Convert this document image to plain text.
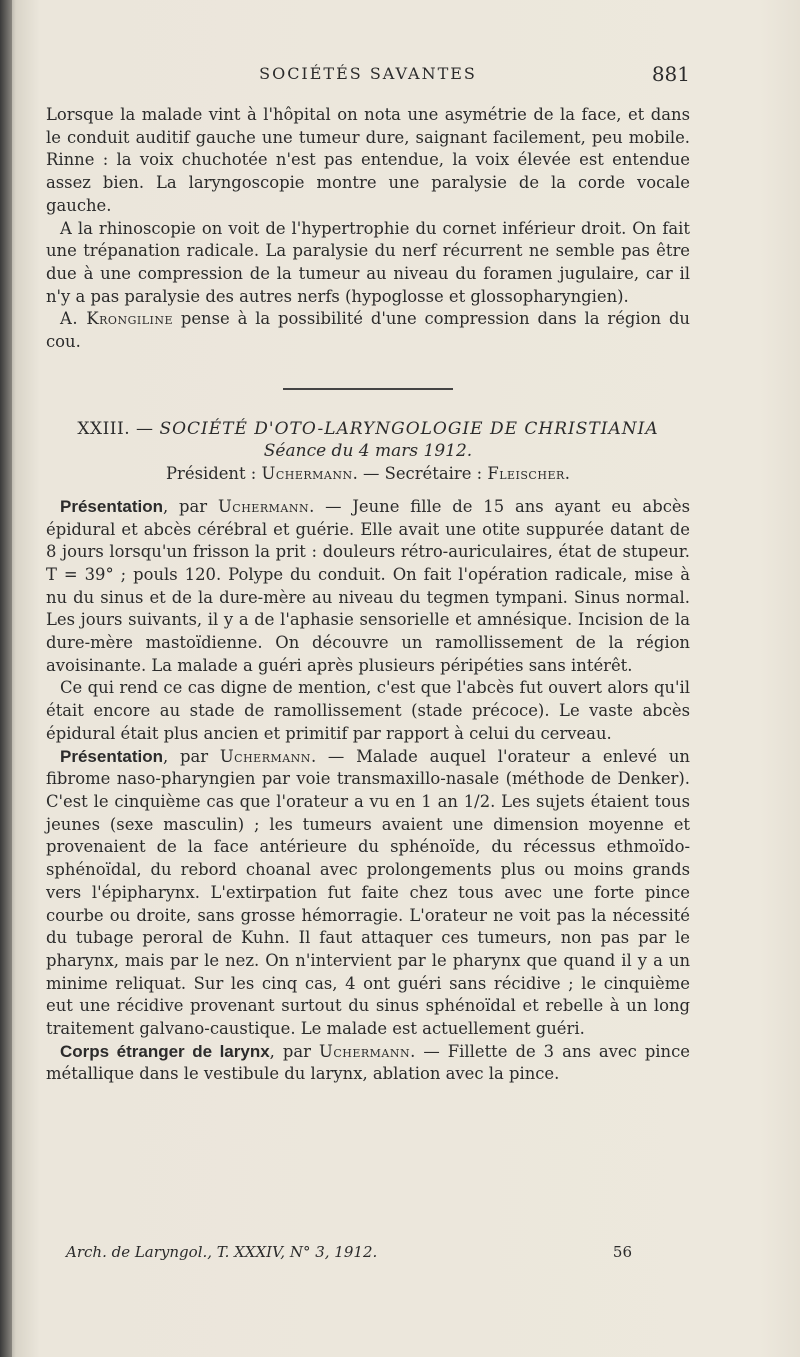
SOCIÉTÉS SAVANTES	881

Lorsque la malade vint à l'hôpital on nota une asymétrie de la face, et dans le conduit auditif gauche une tumeur dure, saignant facilement, peu mobile. Rinne : la voix chuchotée n'est pas entendue, la voix élevée est entendue assez bien. La laryngoscopie montre une paralysie de la corde vocale gauche.

A la rhinoscopie on voit de l'hypertrophie du cornet inférieur droit. On fait une trépanation radicale. La paralysie du nerf récurrent ne semble pas être due à une compression de la tumeur au niveau du foramen jugulaire, car il n'y a pas paralysie des autres nerfs (hypoglosse et glossopharyngien).

A. Krongiline pense à la possibilité d'une compression dans la région du cou.

XXIII. — SOCIÉTÉ D'OTO-LARYNGOLOGIE DE CHRISTIANIA
Séance du 4 mars 1912.
Président : Uchermann. — Secrétaire : Fleischer.

Présentation, par Uchermann. — Jeune fille de 15 ans ayant eu abcès épidural et abcès cérébral et guérie. Elle avait une otite suppurée datant de 8 jours lorsqu'un frisson la prit : douleurs rétro-auriculaires, état de stupeur. T = 39° ; pouls 120. Polype du conduit. On fait l'opération radicale, mise à nu du sinus et de la dure-mère au niveau du tegmen tympani. Sinus normal. Les jours suivants, il y a de l'aphasie sensorielle et amnésique. Incision de la dure-mère mastoïdienne. On découvre un ramollissement de la région avoisinante. La malade a guéri après plusieurs péripéties sans intérêt.

Ce qui rend ce cas digne de mention, c'est que l'abcès fut ouvert alors qu'il était encore au stade de ramollissement (stade précoce). Le vaste abcès épidural était plus ancien et primitif par rapport à celui du cerveau.

Présentation, par Uchermann. — Malade auquel l'orateur a enlevé un fibrome naso-pharyngien par voie transmaxillo-nasale (méthode de Denker). C'est le cinquième cas que l'orateur a vu en 1 an 1/2. Les sujets étaient tous jeunes (sexe masculin) ; les tumeurs avaient une dimension moyenne et provenaient de la face antérieure du sphénoïde, du récessus ethmoïdo-sphénoïdal, du rebord choanal avec prolongements plus ou moins grands vers l'épipharynx. L'extirpation fut faite chez tous avec une forte pince courbe ou droite, sans grosse hémorragie. L'orateur ne voit pas la nécessité du tubage peroral de Kuhn. Il faut attaquer ces tumeurs, non pas par le pharynx, mais par le nez. On n'intervient par le pharynx que quand il y a un minime reliquat. Sur les cinq cas, 4 ont guéri sans récidive ; le cinquième eut une récidive provenant surtout du sinus sphénoïdal et rebelle à un long traitement galvano-caustique. Le malade est actuellement guéri.

Corps étranger de larynx, par Uchermann. — Fillette de 3 ans avec pince métallique dans le vestibule du larynx, ablation avec la pince.

Arch. de Laryngol., T. XXXIV, N° 3, 1912.	56
